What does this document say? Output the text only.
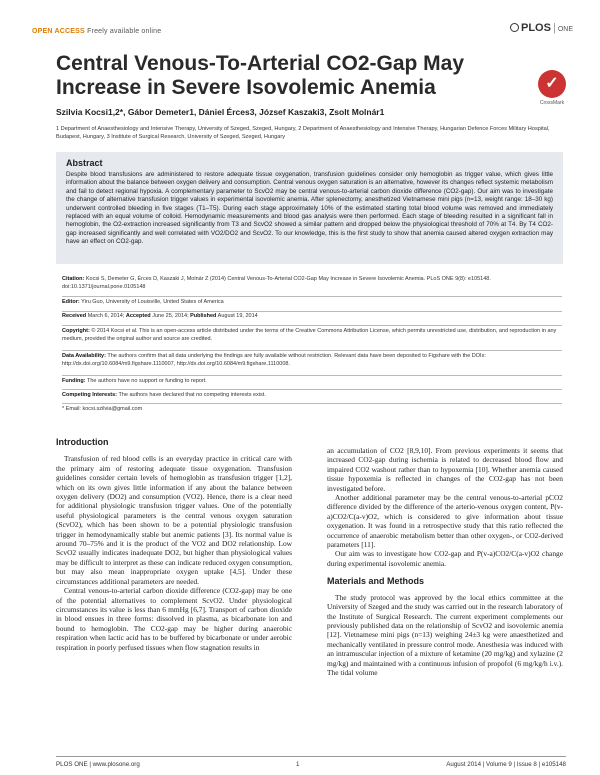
OPEN ACCESS Freely available online	PLOS | ONE
Central Venous-To-Arterial CO2-Gap May Increase in Severe Isovolemic Anemia	✓
CrossMark
Szilvia Kocsi1,2*, Gábor Demeter1, Dániel Érces3, József Kaszaki3, Zsolt Molnár1
1 Department of Anaesthesiology and Intensive Therapy, University of Szeged, Szeged, Hungary, 2 Department of Anaesthesiology and Intensive Therapy, Hungarian Defence Forces Military Hospital, Budapest, Hungary, 3 Institute of Surgical Research, University of Szeged, Szeged, Hungary
Abstract
Despite blood transfusions are administered to restore adequate tissue oxygenation, transfusion guidelines consider only hemoglobin as trigger value, which gives little information about the balance between oxygen delivery and consumption. Central venous oxygen saturation is an alternative, however its changes reflect systemic metabolism and fail to detect regional hypoxia. A complementary parameter to ScvO2 may be central venous-to-arterial carbon dioxide difference (CO2-gap). Our aim was to investigate the change of alternative transfusion trigger values in experimental isovolemic anemia. After splenectomy, anesthetized Vietnamese mini pigs (n=13, weight range: 18–30 kg) underwent controlled bleeding in five stages (T1–T5). During each stage approximately 10% of the estimated starting total blood volume was removed and immediately replaced with an equal volume of colloid. Hemodynamic measurements and blood gas analysis were then performed. Each stage of bleeding resulted in a significant fall in hemoglobin, the O2-extraction increased significantly from T3 and ScvO2 showed a similar pattern and dropped below the physiological threshold of 70% at T4. By T4 CO2-gap increased significantly and well correlated with VO2/DO2 and ScvO2. To our knowledge, this is the first study to show that anemia caused altered oxygen extraction may have an effect on CO2-gap.
Citation: Kocsi S, Demeter G, Érces D, Kaszaki J, Molnár Z (2014) Central Venous-To-Arterial CO2-Gap May Increase in Severe Isovolemic Anemia. PLoS ONE 9(8): e105148. doi:10.1371/journal.pone.0105148
Editor: Yiru Guo, University of Louisville, United States of America
Received March 6, 2014; Accepted June 25, 2014; Published August 19, 2014
Copyright: © 2014 Kocsi et al. This is an open-access article distributed under the terms of the Creative Commons Attribution License, which permits unrestricted use, distribution, and reproduction in any medium, provided the original author and source are credited.
Data Availability: The authors confirm that all data underlying the findings are fully available without restriction. Relevant data have been deposited to Figshare with the DOIs: http://dx.doi.org/10.6084/m9.figshare.1110007, http://dx.doi.org/10.6084/m9.figshare.1110008.
Funding: The authors have no support or funding to report.
Competing Interests: The authors have declared that no competing interests exist.
* Email: kocsi.szilvia@gmail.com
Introduction

Transfusion of red blood cells is an everyday practice in critical care with the primary aim of restoring adequate tissue oxygenation. Transfusion guidelines consider certain levels of hemoglobin as transfusion trigger [1,2], which on its own gives little information if any about the balance between oxygen delivery (DO2) and consumption (VO2). Hence, there is a clear need for additional physiologic transfusion trigger values. One of the potentially useful physiological parameters is the central venous oxygen saturation (ScvO2), which has been shown to be a potential physiologic transfusion trigger in hemodynamically stable but anemic patients [3]. Its normal value is around 70–75% and it is the product of the VO2 and DO2 relationship. Low ScvO2 usually indicates inadequate DO2, but higher than physiological values may be difficult to interpret as these can indicate reduced oxygen consumption, but may also mean inappropriate oxygen uptake [4,5]. Under these circumstances additional parameters are needed.

Central venous-to-arterial carbon dioxide difference (CO2-gap) may be one of the potential alternatives to complement ScvO2. Under physiological circumstances its value is less than 6 mmHg [6,7]. Transport of carbon dioxide in blood ensues in three forms: dissolved in plasma, as bicarbonate ion and bound to hemoglobin. The CO2-gap may be higher during anaerobic respiration when lactic acid has to be buffered by bicarbonate or under aerobic respiration in poorly perfused tissues when flow stagnation results in

an accumulation of CO2 [8,9,10]. From previous experiments it seems that increased CO2-gap during ischemia is related to decreased blood flow and impaired CO2 washout rather than to hypoxemia [10]. Whether anemia caused tissue hypoxemia is reflected in changes of the CO2-gap has not been investigated before.

Another additional parameter may be the central venous-to-arterial pCO2 difference divided by the difference of the arterio-venous oxygen content, P(v-a)CO2/C(a-v)O2, which is considered to give information about tissue oxygenation. It was found in a retrospective study that this ratio reflected the occurrence of anaerobic metabolism better than other oxygen-, or CO2-derived parameters [11].

Our aim was to investigate how CO2-gap and P(v-a)CO2/C(a-v)O2 change during experimental isovolemic anemia.

Materials and Methods

The study protocol was approved by the local ethics committee at the University of Szeged and the study was carried out in the research laboratory of the Institute of Surgical Research. The current experiment complements our previously published data on the relationship of ScvO2 and isovolemic anemia [12]. Vietnamese mini pigs (n=13) weighing 24±3 kg were anaesthetized and mechanically ventilated in pressure control mode. Anesthesia was induced with an intramuscular injection of a mixture of ketamine (20 mg/kg) and xylazine (2 mg/kg) and maintained with a continuous infusion of propofol (6 mg/kg/h i.v.). The tidal volume

PLOS ONE | www.plosone.org	1	August 2014 | Volume 9 | Issue 8 | e105148
